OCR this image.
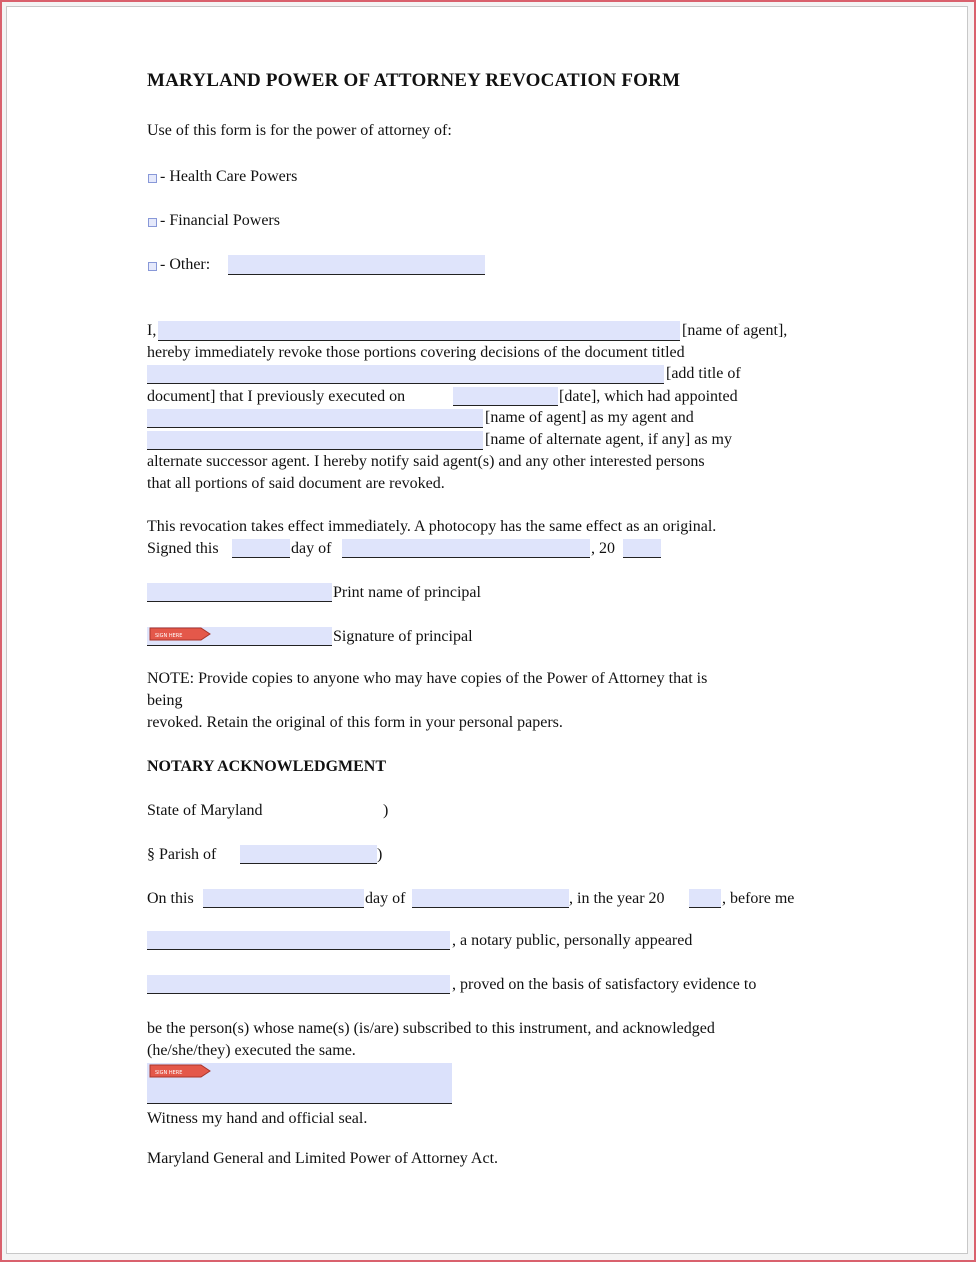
MARYLAND POWER OF ATTORNEY REVOCATION FORM
Use of this form is for the power of attorney of:
- Health Care Powers
- Financial Powers
- Other:
I,	[name of agent],
hereby immediately revoke those portions covering decisions of the document titled
[add title of
document] that I previously executed on	[date], which had appointed
[name of agent] as my agent and
[name of alternate agent, if any] as my
alternate successor agent. I hereby notify said agent(s) and any other interested persons
that all portions of said document are revoked.
This revocation takes effect immediately. A photocopy has the same effect as an original.
Signed this	day of	, 20
Print name of principal
SIGN HERE	Signature of principal
NOTE: Provide copies to anyone who may have copies of the Power of Attorney that is
being
revoked. Retain the original of this form in your personal papers.
NOTARY ACKNOWLEDGMENT
State of Maryland	)
§ Parish of	)
On this	day of	, in the year 20	, before me
, a notary public, personally appeared
, proved on the basis of satisfactory evidence to
be the person(s) whose name(s) (is/are) subscribed to this instrument, and acknowledged
(he/she/they) executed the same.
SIGN HERE
Witness my hand and official seal.
Maryland General and Limited Power of Attorney Act.
